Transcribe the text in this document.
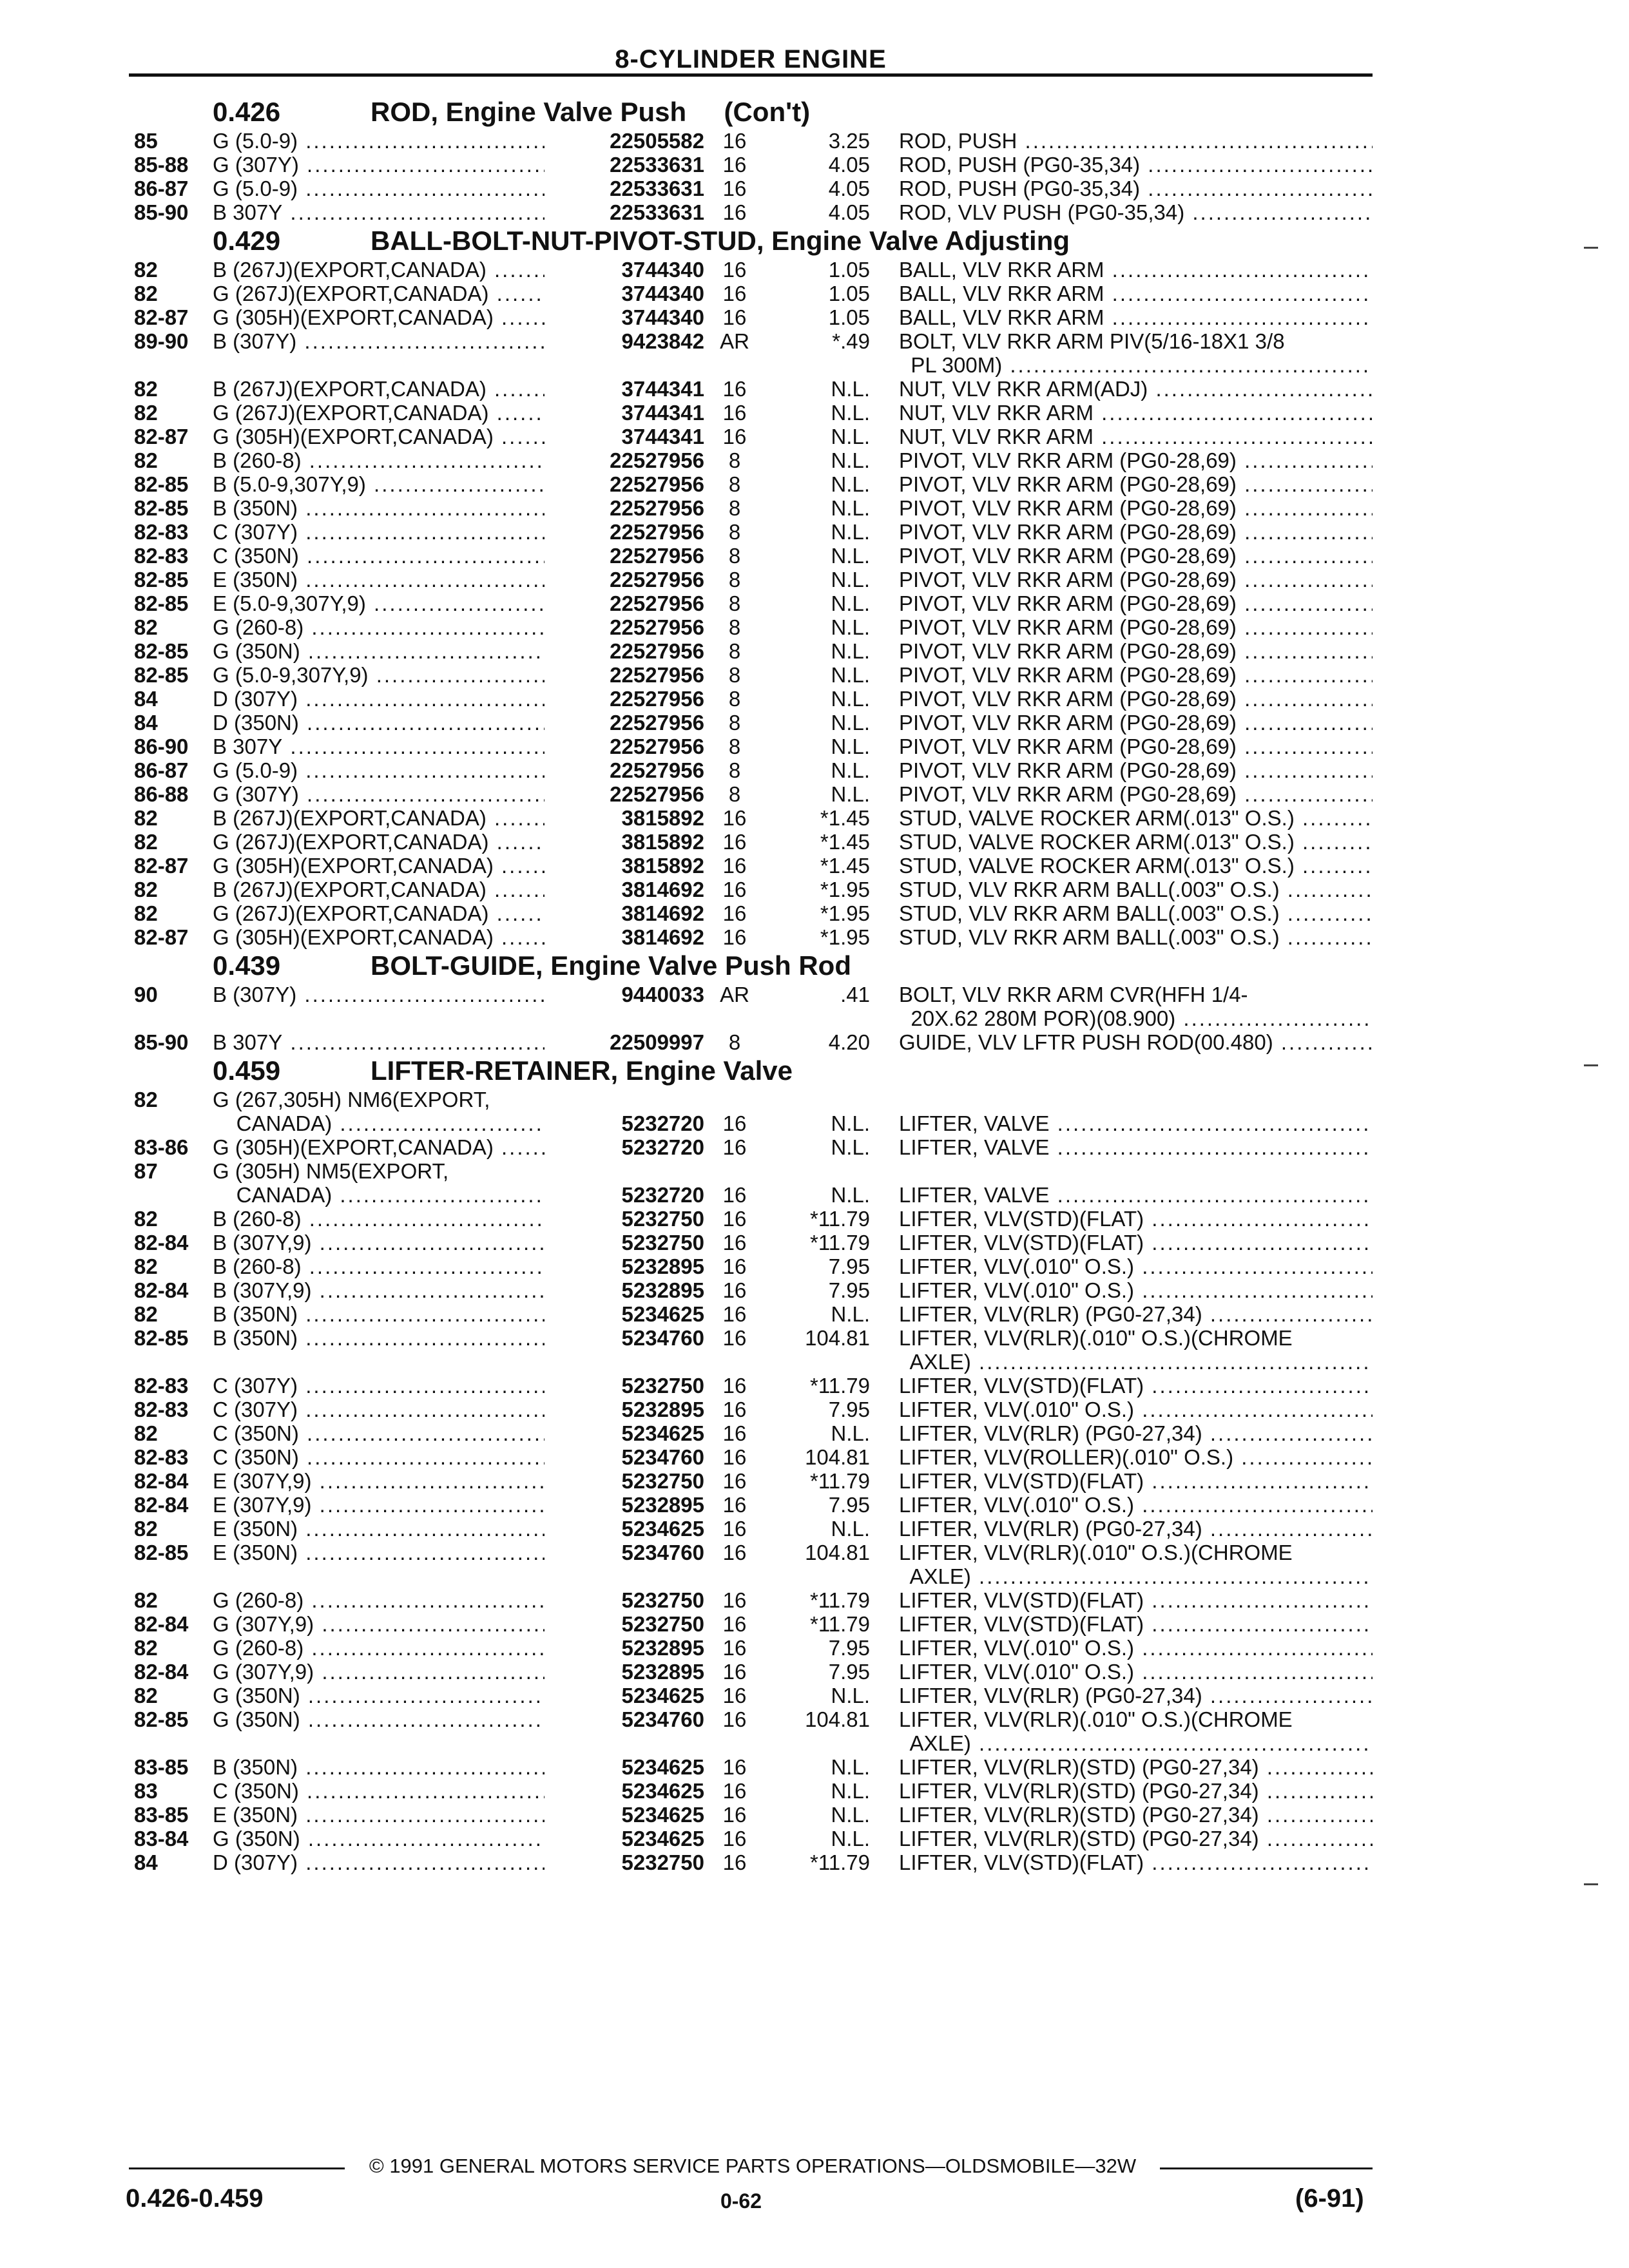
8-CYLINDER ENGINE
0.426	ROD, Engine Valve Push     (Con't)
85	G (5.0-9) .....	22505582 16	3.25 ROD, PUSH .....
85-88 G (307Y) .....	22533631 16	4.05 ROD, PUSH (PG0-35,34) .....
86-87 G (5.0-9) .....	22533631 16	4.05 ROD, PUSH (PG0-35,34) .....
85-90 B 307Y .....	22533631 16	4.05 ROD, VLV PUSH (PG0-35,34) .....
0.429	BALL-BOLT-NUT-PIVOT-STUD, Engine Valve Adjusting
82	B (267J)(EXPORT,CANADA) .....	3744340 16	1.05 BALL, VLV RKR ARM .....
82	G (267J)(EXPORT,CANADA) .....	3744340 16	1.05 BALL, VLV RKR ARM .....
82-87 G (305H)(EXPORT,CANADA) .....	3744340 16	1.05 BALL, VLV RKR ARM .....
89-90 B (307Y) .....	9423842 AR	*.49 BOLT, VLV RKR ARM PIV(5/16-18X1 3/8
PL 300M) .....
82	B (267J)(EXPORT,CANADA) .....	3744341 16	N.L. NUT, VLV RKR ARM(ADJ) .....
82	G (267J)(EXPORT,CANADA) .....	3744341 16	N.L. NUT, VLV RKR ARM .....
82-87 G (305H)(EXPORT,CANADA) .....	3744341 16	N.L. NUT, VLV RKR ARM .....
82	B (260-8) .....	22527956	8	N.L. PIVOT, VLV RKR ARM (PG0-28,69) .....
82-85 B (5.0-9,307Y,9) .....	22527956	8	N.L. PIVOT, VLV RKR ARM (PG0-28,69) .....
82-85 B (350N) .....	22527956	8	N.L. PIVOT, VLV RKR ARM (PG0-28,69) .....
82-83 C (307Y) .....	22527956	8	N.L. PIVOT, VLV RKR ARM (PG0-28,69) .....
82-83 C (350N) .....	22527956	8	N.L. PIVOT, VLV RKR ARM (PG0-28,69) .....
82-85 E (350N) .....	22527956	8	N.L. PIVOT, VLV RKR ARM (PG0-28,69) .....
82-85 E (5.0-9,307Y,9) .....	22527956	8	N.L. PIVOT, VLV RKR ARM (PG0-28,69) .....
82	G (260-8) .....	22527956	8	N.L. PIVOT, VLV RKR ARM (PG0-28,69) .....
82-85 G (350N) .....	22527956	8	N.L. PIVOT, VLV RKR ARM (PG0-28,69) .....
82-85 G (5.0-9,307Y,9) .....	22527956	8	N.L. PIVOT, VLV RKR ARM (PG0-28,69) .....
84	D (307Y) .....	22527956	8	N.L. PIVOT, VLV RKR ARM (PG0-28,69) .....
84	D (350N) .....	22527956	8	N.L. PIVOT, VLV RKR ARM (PG0-28,69) .....
86-90 B 307Y .....	22527956	8	N.L. PIVOT, VLV RKR ARM (PG0-28,69) .....
86-87 G (5.0-9) .....	22527956	8	N.L. PIVOT, VLV RKR ARM (PG0-28,69) .....
86-88 G (307Y) .....	22527956	8	N.L. PIVOT, VLV RKR ARM (PG0-28,69) .....
82	B (267J)(EXPORT,CANADA) .....	3815892 16	*1.45 STUD, VALVE ROCKER ARM(.013" O.S.) .....
82	G (267J)(EXPORT,CANADA) .....	3815892 16	*1.45 STUD, VALVE ROCKER ARM(.013" O.S.) .....
82-87 G (305H)(EXPORT,CANADA) .....	3815892 16	*1.45 STUD, VALVE ROCKER ARM(.013" O.S.) .....
82	B (267J)(EXPORT,CANADA) .....	3814692 16	*1.95 STUD, VLV RKR ARM BALL(.003" O.S.) .....
82	G (267J)(EXPORT,CANADA) .....	3814692 16	*1.95 STUD, VLV RKR ARM BALL(.003" O.S.) .....
82-87 G (305H)(EXPORT,CANADA) .....	3814692 16	*1.95 STUD, VLV RKR ARM BALL(.003" O.S.) .....
0.439	BOLT-GUIDE, Engine Valve Push Rod
90	B (307Y) .....	9440033 AR	.41 BOLT, VLV RKR ARM CVR(HFH 1/4-
20X.62 280M POR)(08.900) .....
85-90 B 307Y .....	22509997	8	4.20 GUIDE, VLV LFTR PUSH ROD(00.480) .....
0.459	LIFTER-RETAINER, Engine Valve
82	G (267,305H) NM6(EXPORT,
CANADA) .....	5232720 16	N.L. LIFTER, VALVE .....
83-86 G (305H)(EXPORT,CANADA) .....	5232720 16	N.L. LIFTER, VALVE .....
87	G (305H) NM5(EXPORT,
CANADA) .....	5232720 16	N.L. LIFTER, VALVE .....
82	B (260-8) .....	5232750 16	*11.79 LIFTER, VLV(STD)(FLAT) .....
82-84 B (307Y,9) .....	5232750 16	*11.79 LIFTER, VLV(STD)(FLAT) .....
82	B (260-8) .....	5232895 16	7.95 LIFTER, VLV(.010" O.S.) .....
82-84 B (307Y,9) .....	5232895 16	7.95 LIFTER, VLV(.010" O.S.) .....
82	B (350N) .....	5234625 16	N.L. LIFTER, VLV(RLR) (PG0-27,34) .....
82-85 B (350N) .....	5234760 16	104.81 LIFTER, VLV(RLR)(.010" O.S.)(CHROME
AXLE) .....
82-83 C (307Y) .....	5232750 16	*11.79 LIFTER, VLV(STD)(FLAT) .....
82-83 C (307Y) .....	5232895 16	7.95 LIFTER, VLV(.010" O.S.) .....
82	C (350N) .....	5234625 16	N.L. LIFTER, VLV(RLR) (PG0-27,34) .....
82-83 C (350N) .....	5234760 16	104.81 LIFTER, VLV(ROLLER)(.010" O.S.) .....
82-84 E (307Y,9) .....	5232750 16	*11.79 LIFTER, VLV(STD)(FLAT) .....
82-84 E (307Y,9) .....	5232895 16	7.95 LIFTER, VLV(.010" O.S.) .....
82	E (350N) .....	5234625 16	N.L. LIFTER, VLV(RLR) (PG0-27,34) .....
82-85 E (350N) .....	5234760 16	104.81 LIFTER, VLV(RLR)(.010" O.S.)(CHROME
AXLE) .....
82	G (260-8) .....	5232750 16	*11.79 LIFTER, VLV(STD)(FLAT) .....
82-84 G (307Y,9) .....	5232750 16	*11.79 LIFTER, VLV(STD)(FLAT) .....
82	G (260-8) .....	5232895 16	7.95 LIFTER, VLV(.010" O.S.) .....
82-84 G (307Y,9) .....	5232895 16	7.95 LIFTER, VLV(.010" O.S.) .....
82	G (350N) .....	5234625 16	N.L. LIFTER, VLV(RLR) (PG0-27,34) .....
82-85 G (350N) .....	5234760 16	104.81 LIFTER, VLV(RLR)(.010" O.S.)(CHROME
AXLE) .....
83-85 B (350N) .....	5234625 16	N.L. LIFTER, VLV(RLR)(STD) (PG0-27,34) .....
83	C (350N) .....	5234625 16	N.L. LIFTER, VLV(RLR)(STD) (PG0-27,34) .....
83-85 E (350N) .....	5234625 16	N.L. LIFTER, VLV(RLR)(STD) (PG0-27,34) .....
83-84 G (350N) .....	5234625 16	N.L. LIFTER, VLV(RLR)(STD) (PG0-27,34) .....
84	D (307Y) .....	5232750 16	*11.79 LIFTER, VLV(STD)(FLAT) .....
© 1991 GENERAL MOTORS SERVICE PARTS OPERATIONS—OLDSMOBILE—32W
0.426-0.459	0-62	(6-91)
